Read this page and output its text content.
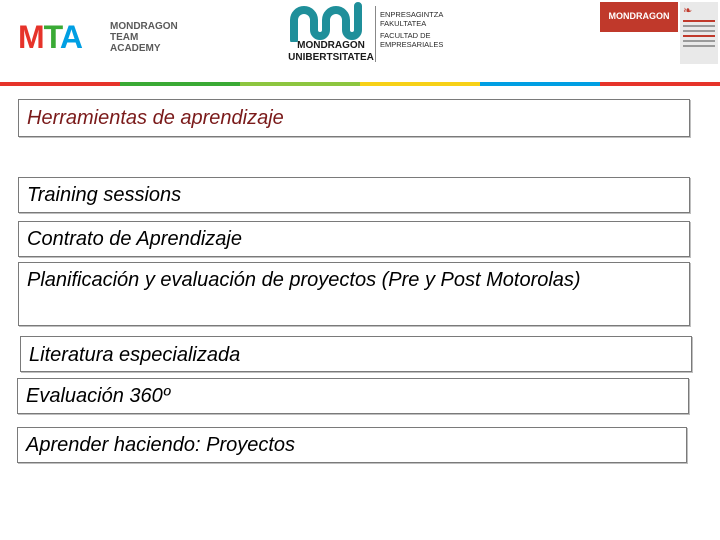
MTA	MONDRAGON
TEAM
ACADEMY	MONDRAGON
UNIBERTSITATEA
ENPRESAGINTZA
FAKULTATEA
FACULTAD DE
EMPRESARIALES
MONDRAGON	❧
Herramientas de aprendizaje
Training sessions
Contrato de Aprendizaje
Planificación y evaluación de proyectos (Pre y Post Motorolas)
Literatura especializada
Evaluación 360º
Aprender haciendo: Proyectos
